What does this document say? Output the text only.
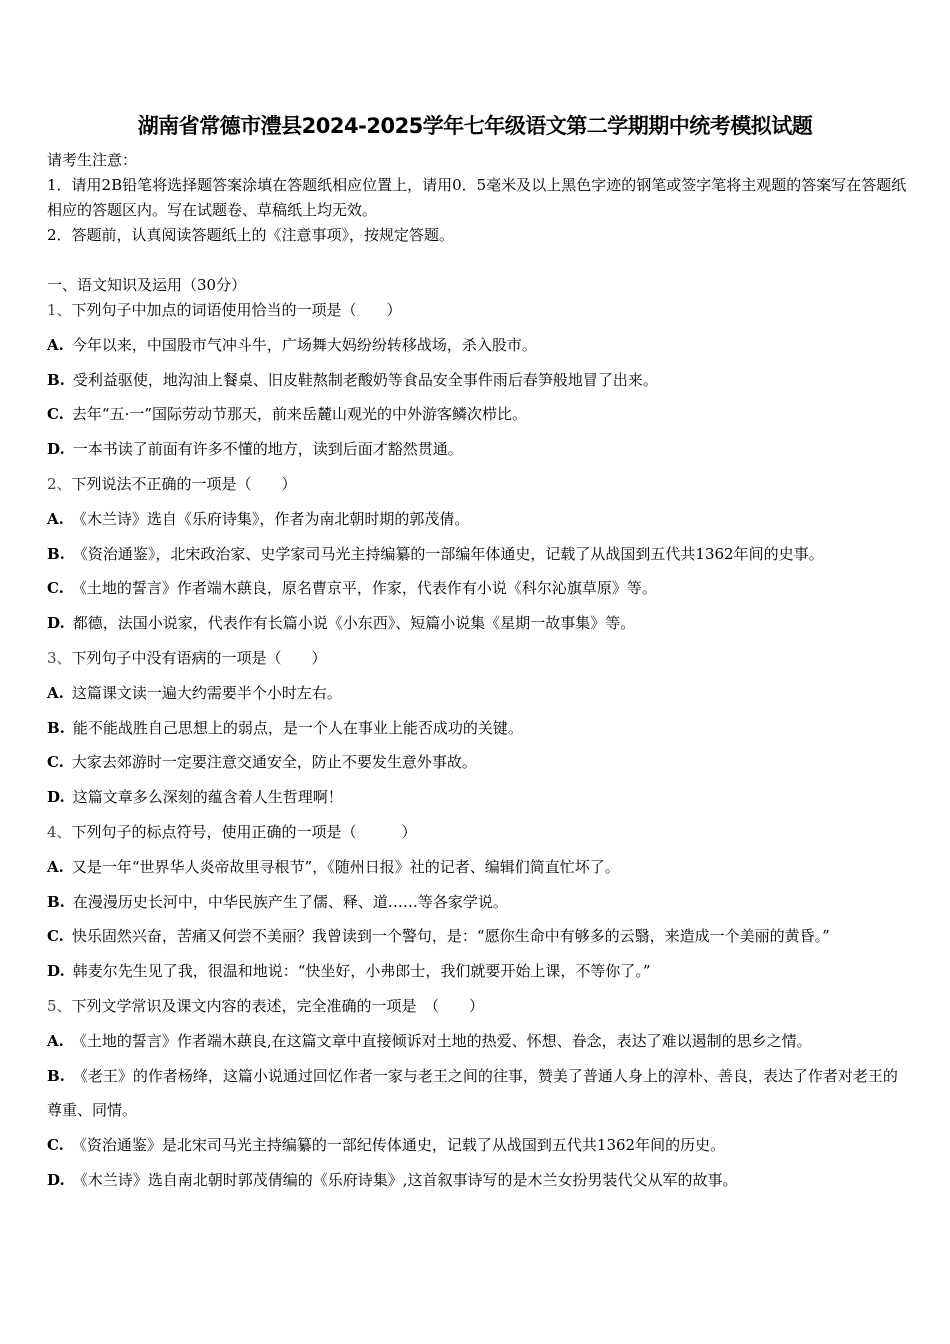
湖南省常德市澧县2024-2025学年七年级语文第二学期期中统考模拟试题
请考生注意：
1．请用2B铅笔将选择题答案涂填在答题纸相应位置上，请用0．5毫米及以上黑色字迹的钢笔或签字笔将主观题的答案写在答题纸相应的答题区内。写在试题卷、草稿纸上均无效。
2．答题前，认真阅读答题纸上的《注意事项》，按规定答题。
一、语文知识及运用（30分）
1、下列句子中加点的词语使用恰当的一项是（　　）
A. 今年以来，中国股市气冲斗牛，广场舞大妈纷纷转移战场，杀入股市。
B. 受利益驱使，地沟油上餐桌、旧皮鞋熬制老酸奶等食品安全事件雨后春笋般地冒了出来。
C. 去年“五·一”国际劳动节那天，前来岳麓山观光的中外游客鳞次栉比。
D. 一本书读了前面有许多不懂的地方，读到后面才豁然贯通。
2、下列说法不正确的一项是（　　）
A. 《木兰诗》选自《乐府诗集》，作者为南北朝时期的郭茂倩。
B. 《资治通鉴》，北宋政治家、史学家司马光主持编纂的一部编年体通史，记载了从战国到五代共1362年间的史事。
C. 《土地的誓言》作者端木蕻良，原名曹京平，作家，代表作有小说《科尔沁旗草原》等。
D. 都德，法国小说家，代表作有长篇小说《小东西》、短篇小说集《星期一故事集》等。
3、下列句子中没有语病的一项是（　　）
A. 这篇课文读一遍大约需要半个小时左右。
B. 能不能战胜自己思想上的弱点，是一个人在事业上能否成功的关键。
C. 大家去郊游时一定要注意交通安全，防止不要发生意外事故。
D. 这篇文章多么深刻的蕴含着人生哲理啊！
4、下列句子的标点符号，使用正确的一项是（　　　）
A. 又是一年“世界华人炎帝故里寻根节”，《随州日报》社的记者、编辑们简直忙坏了。
B. 在漫漫历史长河中，中华民族产生了儒、释、道……等各家学说。
C. 快乐固然兴奋，苦痛又何尝不美丽？我曾读到一个警句，是：“愿你生命中有够多的云翳，来造成一个美丽的黄昏。”
D. 韩麦尔先生见了我，很温和地说：“快坐好，小弗郎士，我们就要开始上课，不等你了。”
5、下列文学常识及课文内容的表述，完全准确的一项是　（　　）
A. 《土地的誓言》作者端木蕻良,在这篇文章中直接倾诉对土地的热爱、怀想、眷念，表达了难以遏制的思乡之情。
B. 《老王》的作者杨绛，这篇小说通过回忆作者一家与老王之间的往事，赞美了普通人身上的淳朴、善良，表达了作者对老王的尊重、同情。
C. 《资治通鉴》是北宋司马光主持编纂的一部纪传体通史，记载了从战国到五代共1362年间的历史。
D. 《木兰诗》选自南北朝时郭茂倩编的《乐府诗集》,这首叙事诗写的是木兰女扮男装代父从军的故事。
